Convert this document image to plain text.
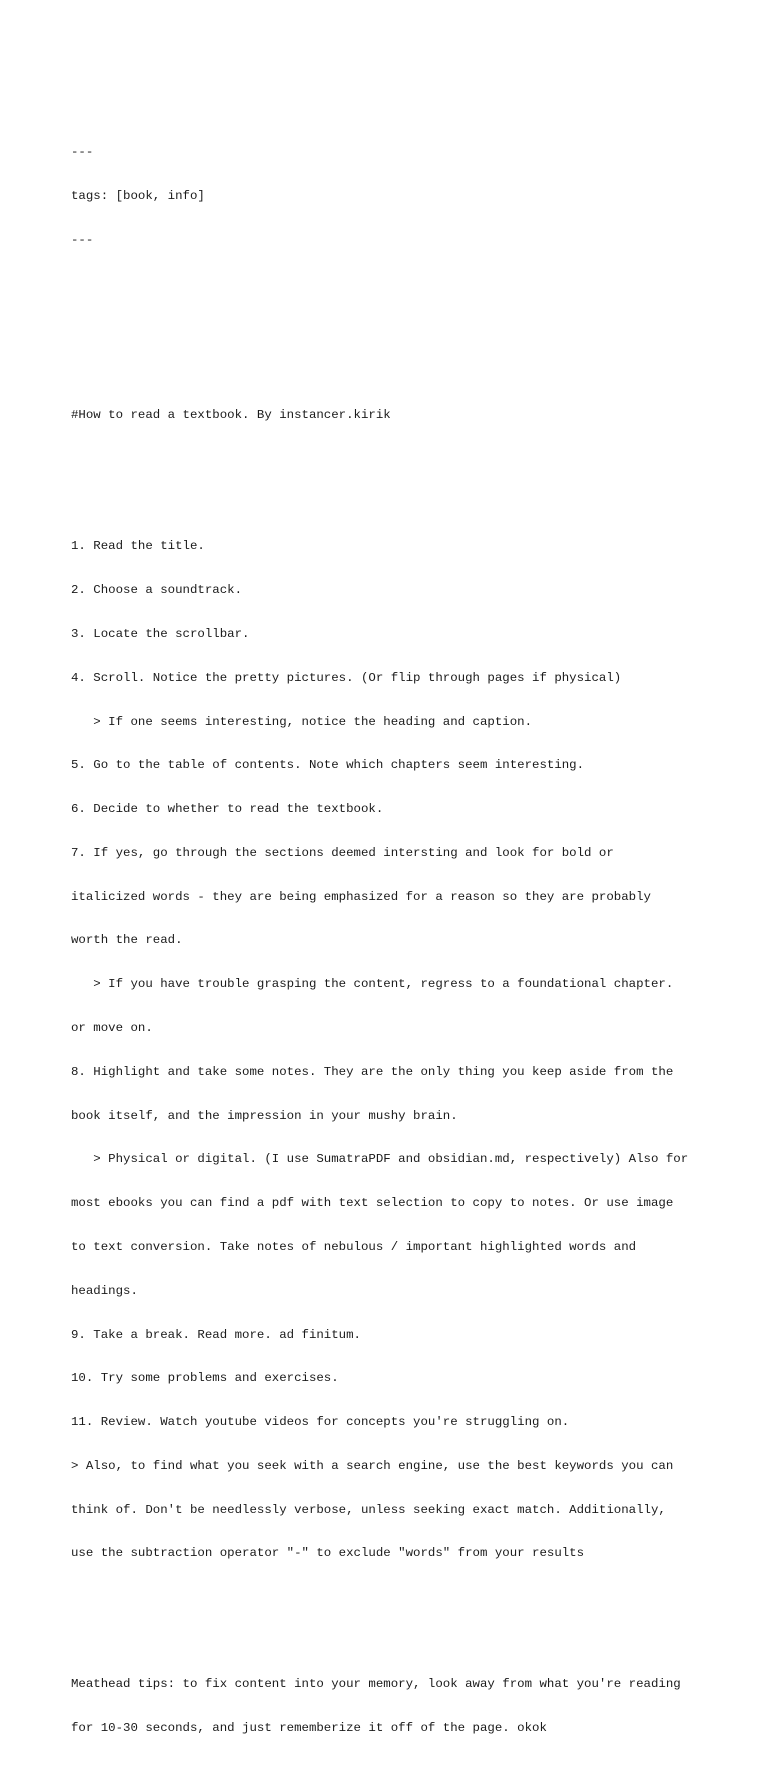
---

tags: [book, info]

---

#How to read a textbook. By instancer.kirik

1. Read the title.

2. Choose a soundtrack.

3. Locate the scrollbar.

4. Scroll. Notice the pretty pictures. (Or flip through pages if physical)

> If one seems interesting, notice the heading and caption.

5. Go to the table of contents. Note which chapters seem interesting.

6. Decide to whether to read the textbook.

7. If yes, go through the sections deemed intersting and look for bold or

italicized words - they are being emphasized for a reason so they are probably

worth the read.

> If you have trouble grasping the content, regress to a foundational chapter.

or move on.

8. Highlight and take some notes. They are the only thing you keep aside from the

book itself, and the impression in your mushy brain.

> Physical or digital. (I use SumatraPDF and obsidian.md, respectively) Also for

most ebooks you can find a pdf with text selection to copy to notes. Or use image

to text conversion. Take notes of nebulous / important highlighted words and

headings.

9. Take a break. Read more. ad finitum.

10. Try some problems and exercises.

11. Review. Watch youtube videos for concepts you're struggling on.

> Also, to find what you seek with a search engine, use the best keywords you can

think of. Don't be needlessly verbose, unless seeking exact match. Additionally,

use the subtraction operator "-" to exclude "words" from your results

Meathead tips: to fix content into your memory, look away from what you're reading

for 10-30 seconds, and just rememberize it off of the page. okok
